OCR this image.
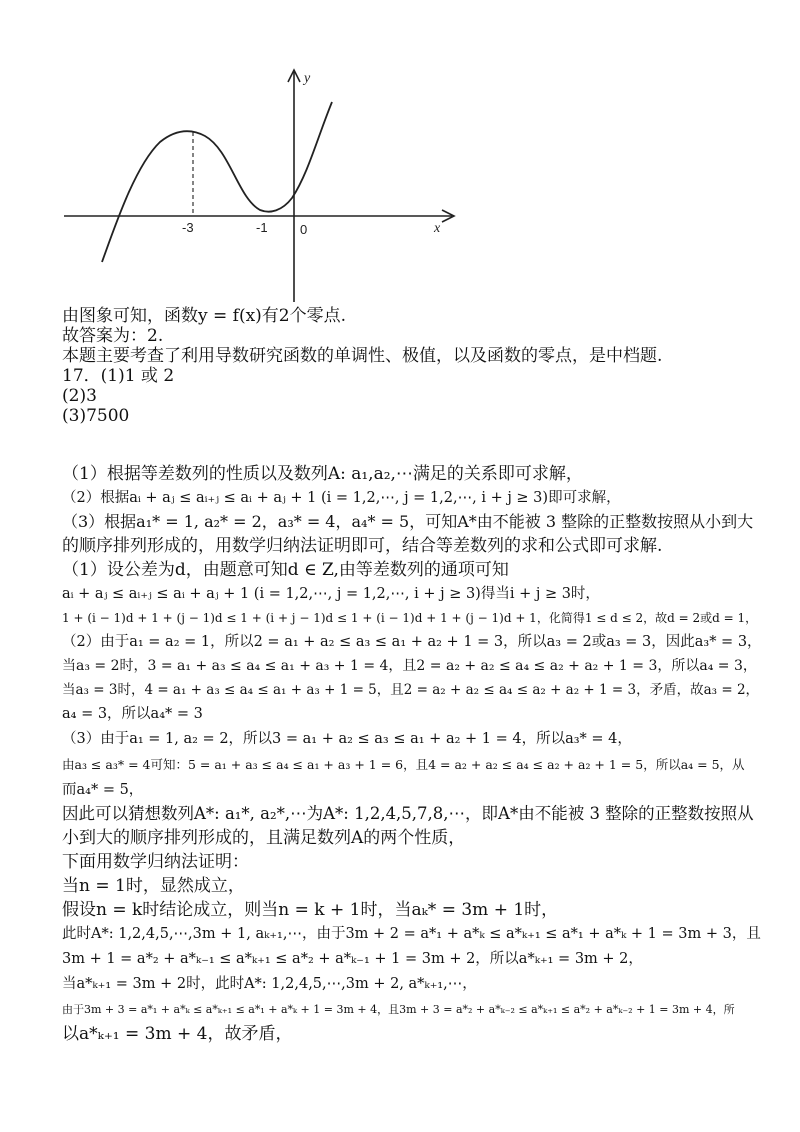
y
x
-3	-1 0
由图象可知，函数y = f(x)有2个零点.
故答案为：2.
本题主要考查了利用导数研究函数的单调性、极值，以及函数的零点，是中档题.
17．(1)1 或 2
(2)3
(3)7500
（1）根据等差数列的性质以及数列A: a₁,a₂,⋯满足的关系即可求解，
（2）根据aᵢ + aⱼ ≤ aᵢ₊ⱼ ≤ aᵢ + aⱼ + 1 (i = 1,2,⋯, j = 1,2,⋯, i + j ≥ 3)即可求解，
（3）根据a₁* = 1, a₂* = 2，a₃* = 4，a₄* = 5，可知A*由不能被 3 整除的正整数按照从小到大
的顺序排列形成的，用数学归纳法证明即可，结合等差数列的求和公式即可求解.
（1）设公差为d，由题意可知d ∈ Z,由等差数列的通项可知
aᵢ + aⱼ ≤ aᵢ₊ⱼ ≤ aᵢ + aⱼ + 1 (i = 1,2,⋯, j = 1,2,⋯, i + j ≥ 3)得当i + j ≥ 3时，
1 + (i − 1)d + 1 + (j − 1)d ≤ 1 + (i + j − 1)d ≤ 1 + (i − 1)d + 1 + (j − 1)d + 1，化简得1 ≤ d ≤ 2，故d = 2或d = 1，
（2）由于a₁ = a₂ = 1，所以2 = a₁ + a₂ ≤ a₃ ≤ a₁ + a₂ + 1 = 3，所以a₃ = 2或a₃ = 3，因此a₃* = 3，
当a₃ = 2时，3 = a₁ + a₃ ≤ a₄ ≤ a₁ + a₃ + 1 = 4，且2 = a₂ + a₂ ≤ a₄ ≤ a₂ + a₂ + 1 = 3，所以a₄ = 3，
当a₃ = 3时，4 = a₁ + a₃ ≤ a₄ ≤ a₁ + a₃ + 1 = 5，且2 = a₂ + a₂ ≤ a₄ ≤ a₂ + a₂ + 1 = 3，矛盾，故a₃ = 2，
a₄ = 3，所以a₄* = 3
（3）由于a₁ = 1, a₂ = 2，所以3 = a₁ + a₂ ≤ a₃ ≤ a₁ + a₂ + 1 = 4，所以a₃* = 4，
由a₃ ≤ a₃* = 4可知：5 = a₁ + a₃ ≤ a₄ ≤ a₁ + a₃ + 1 = 6，且4 = a₂ + a₂ ≤ a₄ ≤ a₂ + a₂ + 1 = 5，所以a₄ = 5，从
而a₄* = 5，
因此可以猜想数列A*: a₁*, a₂*,⋯为A*: 1,2,4,5,7,8,⋯，即A*由不能被 3 整除的正整数按照从
小到大的顺序排列形成的，且满足数列A的两个性质，
下面用数学归纳法证明：
当n = 1时，显然成立，
假设n = k时结论成立，则当n = k + 1时，当aₖ* = 3m + 1时，
此时A*: 1,2,4,5,⋯,3m + 1, aₖ₊₁,⋯，由于3m + 2 = a*₁ + a*ₖ ≤ a*ₖ₊₁ ≤ a*₁ + a*ₖ + 1 = 3m + 3，且
3m + 1 = a*₂ + a*ₖ₋₁ ≤ a*ₖ₊₁ ≤ a*₂ + a*ₖ₋₁ + 1 = 3m + 2，所以a*ₖ₊₁ = 3m + 2，
当a*ₖ₊₁ = 3m + 2时，此时A*: 1,2,4,5,⋯,3m + 2, a*ₖ₊₁,⋯，
由于3m + 3 = a*₁ + a*ₖ ≤ a*ₖ₊₁ ≤ a*₁ + a*ₖ + 1 = 3m + 4，且3m + 3 = a*₂ + a*ₖ₋₂ ≤ a*ₖ₊₁ ≤ a*₂ + a*ₖ₋₂ + 1 = 3m + 4，所
以a*ₖ₊₁ = 3m + 4，故矛盾，
